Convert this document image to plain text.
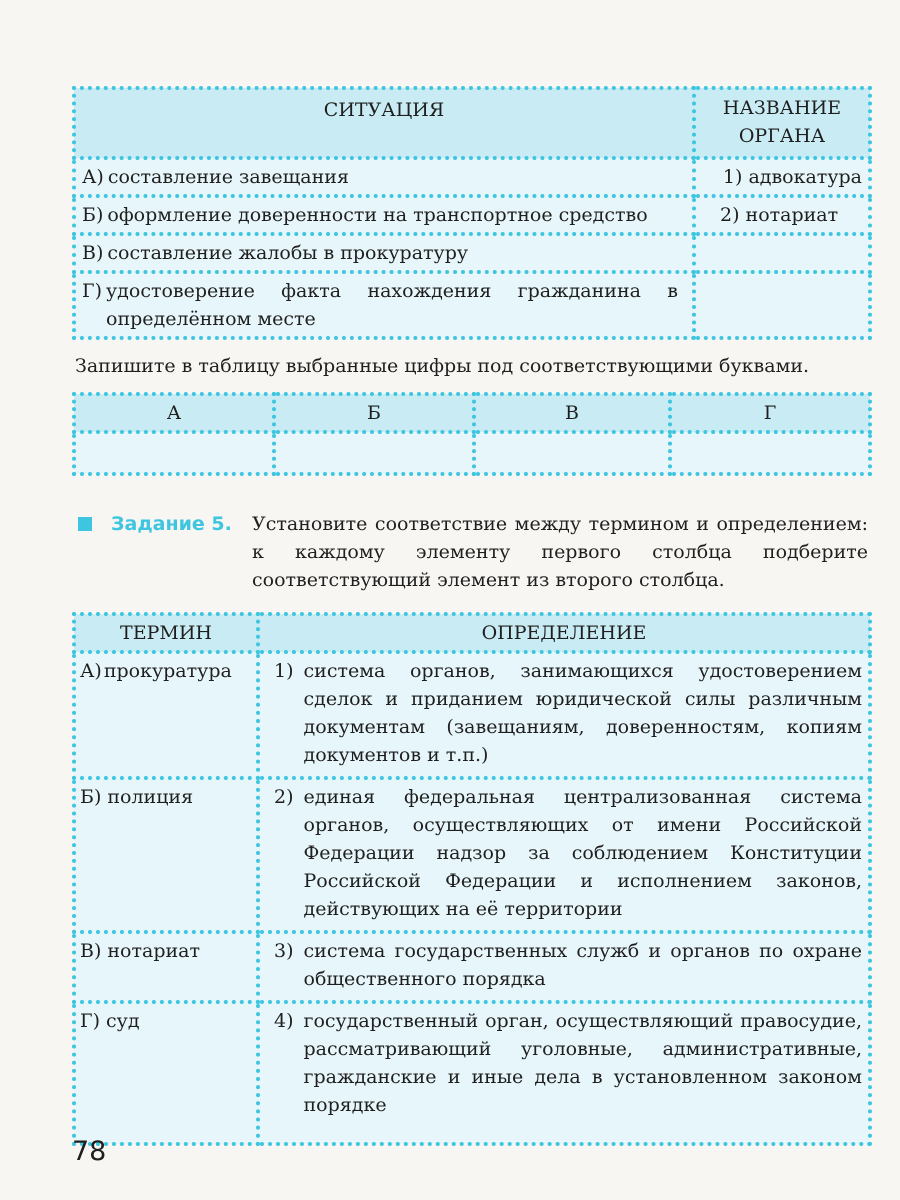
СИТУАЦИЯ	НАЗВАНИЕ
ОРГАНА

А) составление завещания	1) адвокатура

Б) оформление доверенности на транспортное средство	2) нотариат

В) составление жалобы в прокуратуру	

Г) удостоверение факта нахождения гражданина в определённом месте	

Запишите в таблицу выбранные цифры под соответствующими буквами.
А	Б	В	Г

Задание 5. Установите соответствие между термином и определением: к каждому элементу первого столбца подберите соответствующий элемент из второго столбца.
ТЕРМИН	ОПРЕДЕЛЕНИЕ

А) прокуратура	1) система органов, занимающихся удостоверением сделок и приданием юридической силы различным документам (завещаниям, доверенностям, копиям документов и т.п.)

Б) полиция	2) единая федеральная централизованная система органов, осуществляющих от имени Российской Федерации надзор за соблюдением Конституции Российской Федерации и исполнением законов, действующих на её территории

В) нотариат	3) система государственных служб и органов по охране общественного порядка

Г) суд	4) государственный орган, осуществляющий правосудие, рассматривающий уголовные, административные, гражданские и иные дела в установленном законом порядке
78
